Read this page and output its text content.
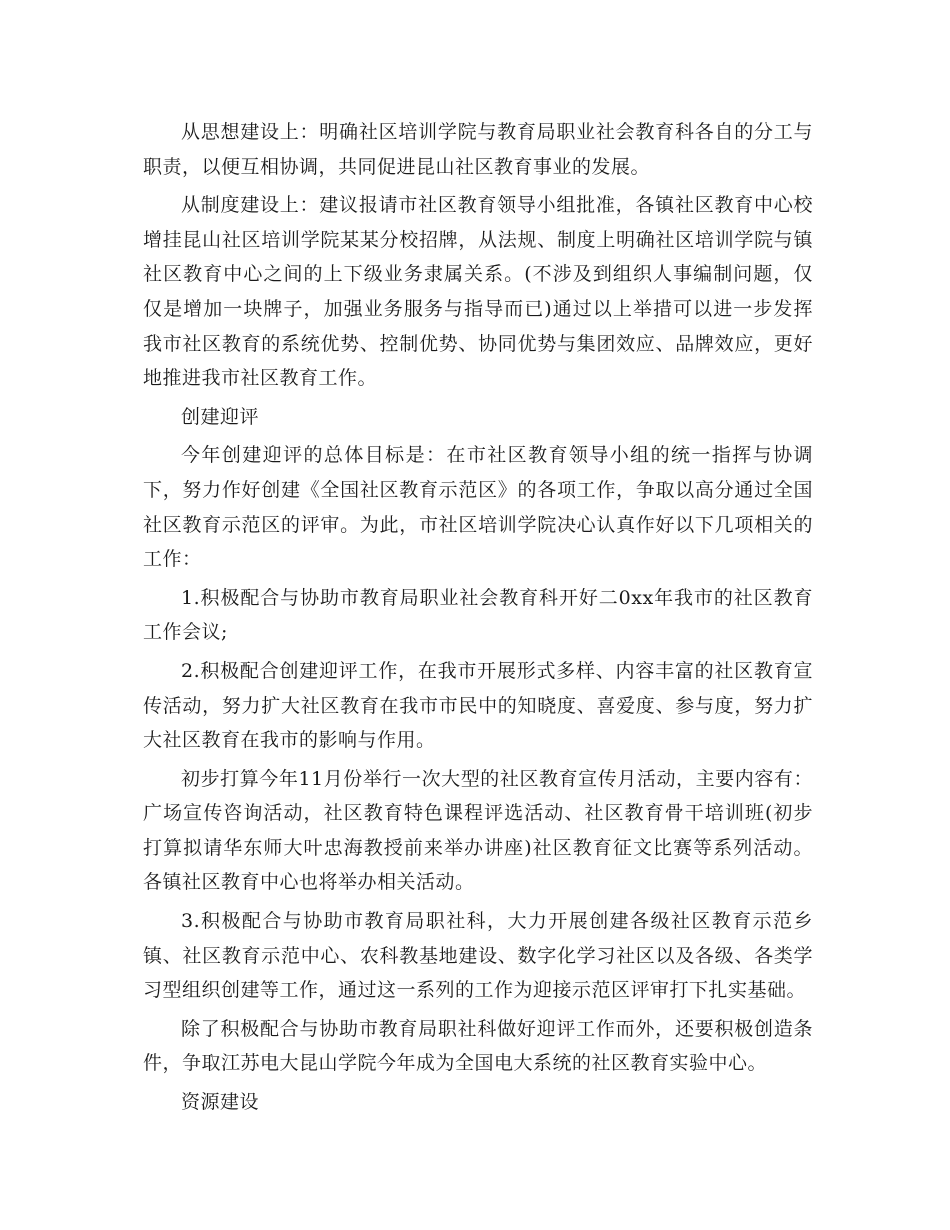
从思想建设上：明确社区培训学院与教育局职业社会教育科各自的分工与职责，以便互相协调，共同促进昆山社区教育事业的发展。

从制度建设上：建议报请市社区教育领导小组批准，各镇社区教育中心校增挂昆山社区培训学院某某分校招牌，从法规、制度上明确社区培训学院与镇社区教育中心之间的上下级业务隶属关系。(不涉及到组织人事编制问题，仅仅是增加一块牌子，加强业务服务与指导而已)通过以上举措可以进一步发挥我市社区教育的系统优势、控制优势、协同优势与集团效应、品牌效应，更好地推进我市社区教育工作。

创建迎评

今年创建迎评的总体目标是：在市社区教育领导小组的统一指挥与协调下，努力作好创建《全国社区教育示范区》的各项工作，争取以高分通过全国社区教育示范区的评审。为此，市社区培训学院决心认真作好以下几项相关的工作：

1.积极配合与协助市教育局职业社会教育科开好二0xx年我市的社区教育工作会议;

2.积极配合创建迎评工作，在我市开展形式多样、内容丰富的社区教育宣传活动，努力扩大社区教育在我市市民中的知晓度、喜爱度、参与度，努力扩大社区教育在我市的影响与作用。

初步打算今年11月份举行一次大型的社区教育宣传月活动，主要内容有：广场宣传咨询活动，社区教育特色课程评选活动、社区教育骨干培训班(初步打算拟请华东师大叶忠海教授前来举办讲座)社区教育征文比赛等系列活动。各镇社区教育中心也将举办相关活动。

3.积极配合与协助市教育局职社科，大力开展创建各级社区教育示范乡镇、社区教育示范中心、农科教基地建设、数字化学习社区以及各级、各类学习型组织创建等工作，通过这一系列的工作为迎接示范区评审打下扎实基础。

除了积极配合与协助市教育局职社科做好迎评工作而外，还要积极创造条件，争取江苏电大昆山学院今年成为全国电大系统的社区教育实验中心。

资源建设
